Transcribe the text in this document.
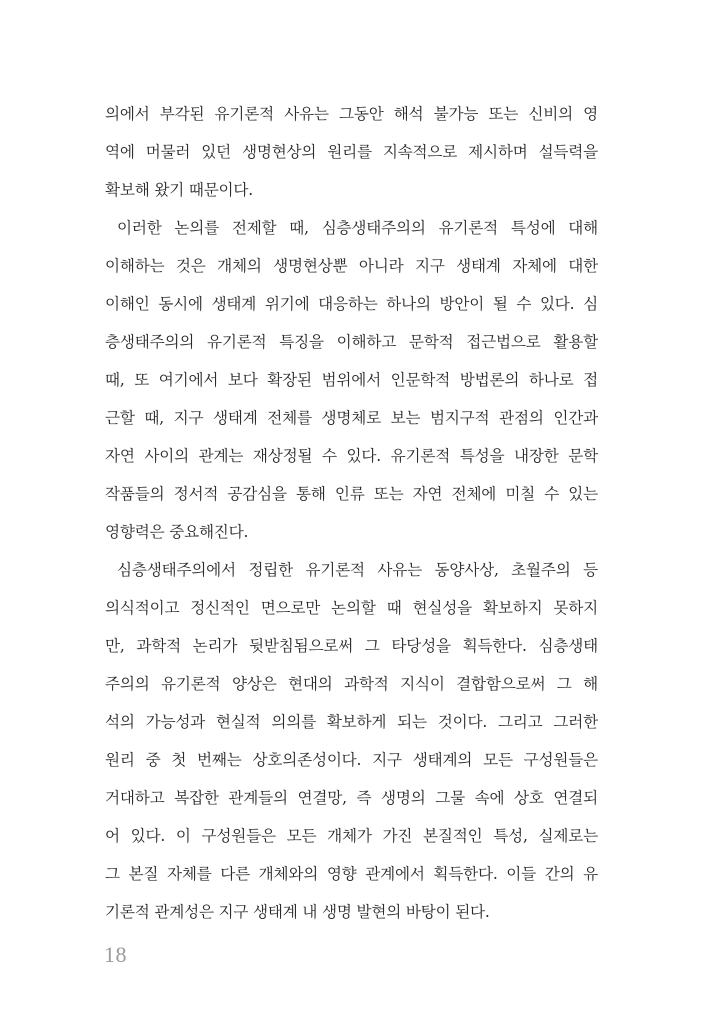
의에서 부각된 유기론적 사유는 그동안 해석 불가능 또는 신비의 영
역에 머물러 있던 생명현상의 원리를 지속적으로 제시하며 설득력을
확보해 왔기 때문이다.
이러한 논의를 전제할 때, 심층생태주의의 유기론적 특성에 대해
이해하는 것은 개체의 생명현상뿐 아니라 지구 생태계 자체에 대한
이해인 동시에 생태계 위기에 대응하는 하나의 방안이 될 수 있다. 심
층생태주의의 유기론적 특징을 이해하고 문학적 접근법으로 활용할
때, 또 여기에서 보다 확장된 범위에서 인문학적 방법론의 하나로 접
근할 때, 지구 생태계 전체를 생명체로 보는 범지구적 관점의 인간과
자연 사이의 관계는 재상정될 수 있다. 유기론적 특성을 내장한 문학
작품들의 정서적 공감심을 통해 인류 또는 자연 전체에 미칠 수 있는
영향력은 중요해진다.
심층생태주의에서 정립한 유기론적 사유는 동양사상, 초월주의 등
의식적이고 정신적인 면으로만 논의할 때 현실성을 확보하지 못하지
만, 과학적 논리가 뒷받침됨으로써 그 타당성을 획득한다. 심층생태
주의의 유기론적 양상은 현대의 과학적 지식이 결합함으로써 그 해
석의 가능성과 현실적 의의를 확보하게 되는 것이다. 그리고 그러한
원리 중 첫 번째는 상호의존성이다. 지구 생태계의 모든 구성원들은
거대하고 복잡한 관계들의 연결망, 즉 생명의 그물 속에 상호 연결되
어 있다. 이 구성원들은 모든 개체가 가진 본질적인 특성, 실제로는
그 본질 자체를 다른 개체와의 영향 관계에서 획득한다. 이들 간의 유
기론적 관계성은 지구 생태계 내 생명 발현의 바탕이 된다.
18
